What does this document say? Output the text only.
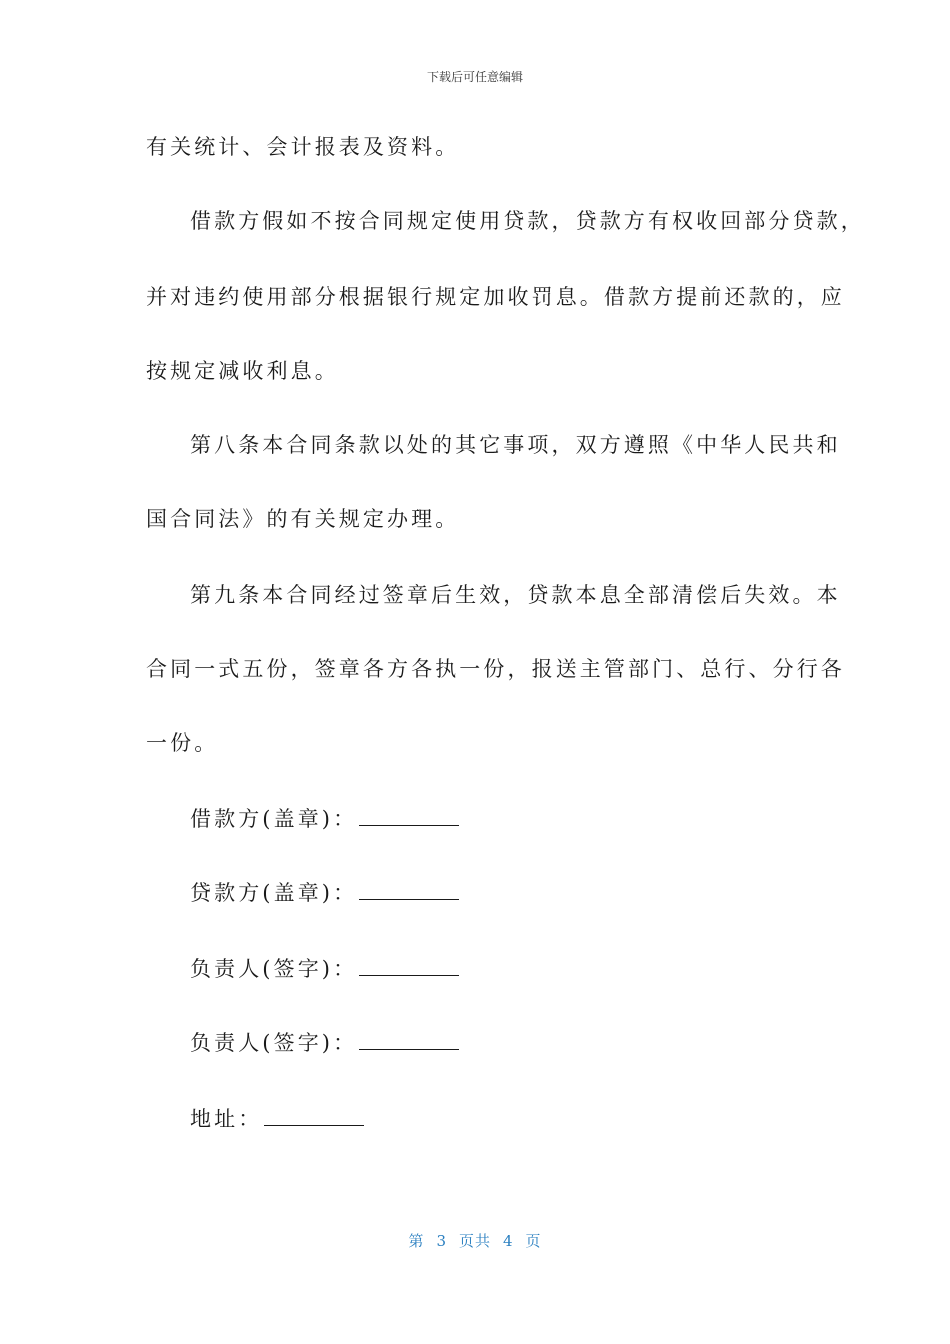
下载后可任意编辑
有关统计、会计报表及资料。
借款方假如不按合同规定使用贷款，贷款方有权收回部分贷款，
并对违约使用部分根据银行规定加收罚息。借款方提前还款的，应
按规定减收利息。
第八条本合同条款以处的其它事项，双方遵照《中华人民共和
国合同法》的有关规定办理。
第九条本合同经过签章后生效，贷款本息全部清偿后失效。本
合同一式五份，签章各方各执一份，报送主管部门、总行、分行各
一份。
借款方(盖章)：
贷款方(盖章)：
负责人(签字)：
负责人(签字)：
地址：
第 3 页共 4 页
